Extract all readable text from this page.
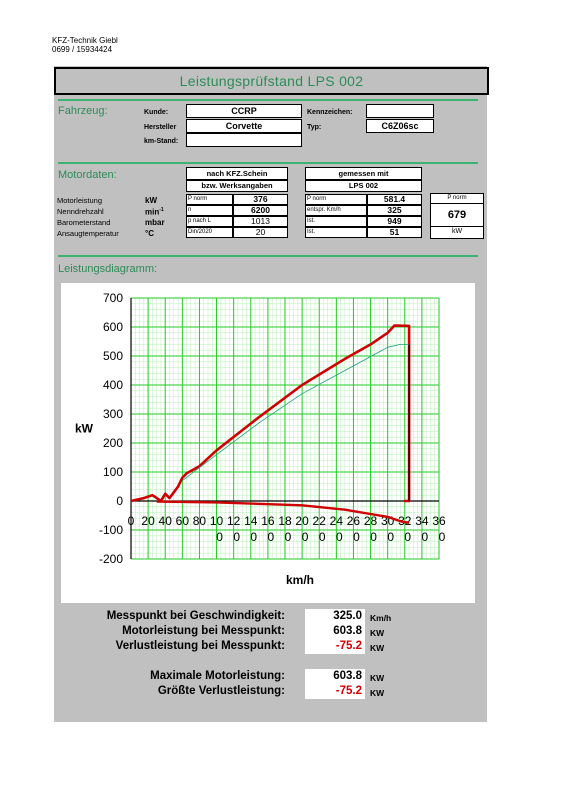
KFZ-Technik Giebl
0699 / 15934424
Leistungsprüfstand LPS 002
Fahrzeug:	Kunde:	CCRP
Hersteller	Corvette
km-Stand:
Kennzeichen:
Typ:	C6Z06sc
Motordaten:	nach KFZ.Schein
bzw. Werksangaben
gemessen mit
LPS 002
Motorleistung	kW	P norm	376	P norm	581.4
Nenndrehzahl	$\min^{-1}$	n	6200	entspr. Km/h	325
Barometerstand	mbar	p nach L	1013	Ist.	949
Ansaugtemperatur	°C	Din/2020	20	Ist.	51
P norm
679
kW
Leistungsdiagramm:
700
600
500
400
300
200
100
0
-100
-200
0 20 40 60 80 10 12 14 16 18 20 22 24 26 28 30 32 34 36
0 0 0 0 0 0 0 0 0 0 0 0 0 0
kW
km/h
Messpunkt bei Geschwindigkeit:	325.0 Km/h
Motorleistung bei Messpunkt:	603.8 KW
Verlustleistung bei Messpunkt:	-75.2 KW
Maximale Motorleistung:	603.8 KW
Größte Verlustleistung:	-75.2 KW
